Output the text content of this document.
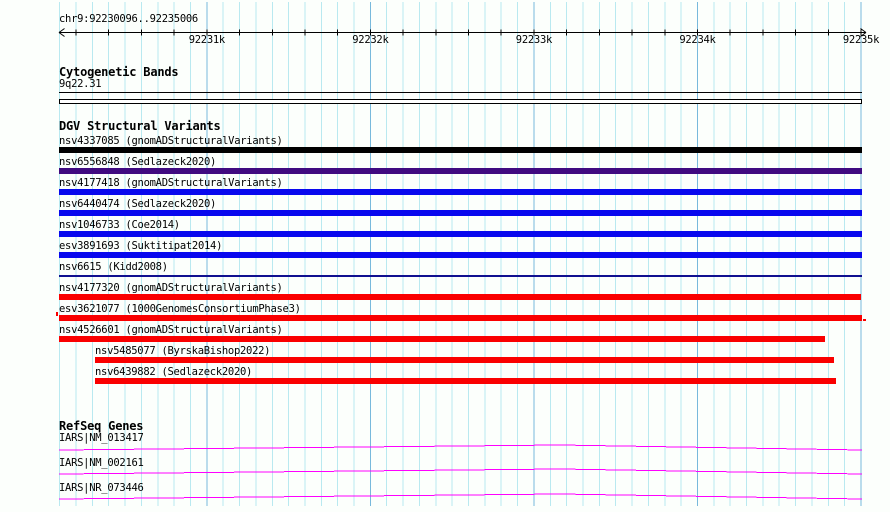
chr9:92230096..92235006
92231k	92232k	92233k	92234k	92235k
Cytogenetic Bands
9q22.31
DGV Structural Variants
nsv4337085 (gnomADStructuralVariants)
nsv6556848 (Sedlazeck2020)
nsv4177418 (gnomADStructuralVariants)
nsv6440474 (Sedlazeck2020)
nsv1046733 (Coe2014)
esv3891693 (Suktitipat2014)
nsv6615 (Kidd2008)
nsv4177320 (gnomADStructuralVariants)
esv3621077 (1000GenomesConsortiumPhase3)
nsv4526601 (gnomADStructuralVariants)
nsv5485077 (ByrskaBishop2022)
nsv6439882 (Sedlazeck2020)
RefSeq Genes
IARS|NM_013417
IARS|NM_002161
IARS|NR_073446
